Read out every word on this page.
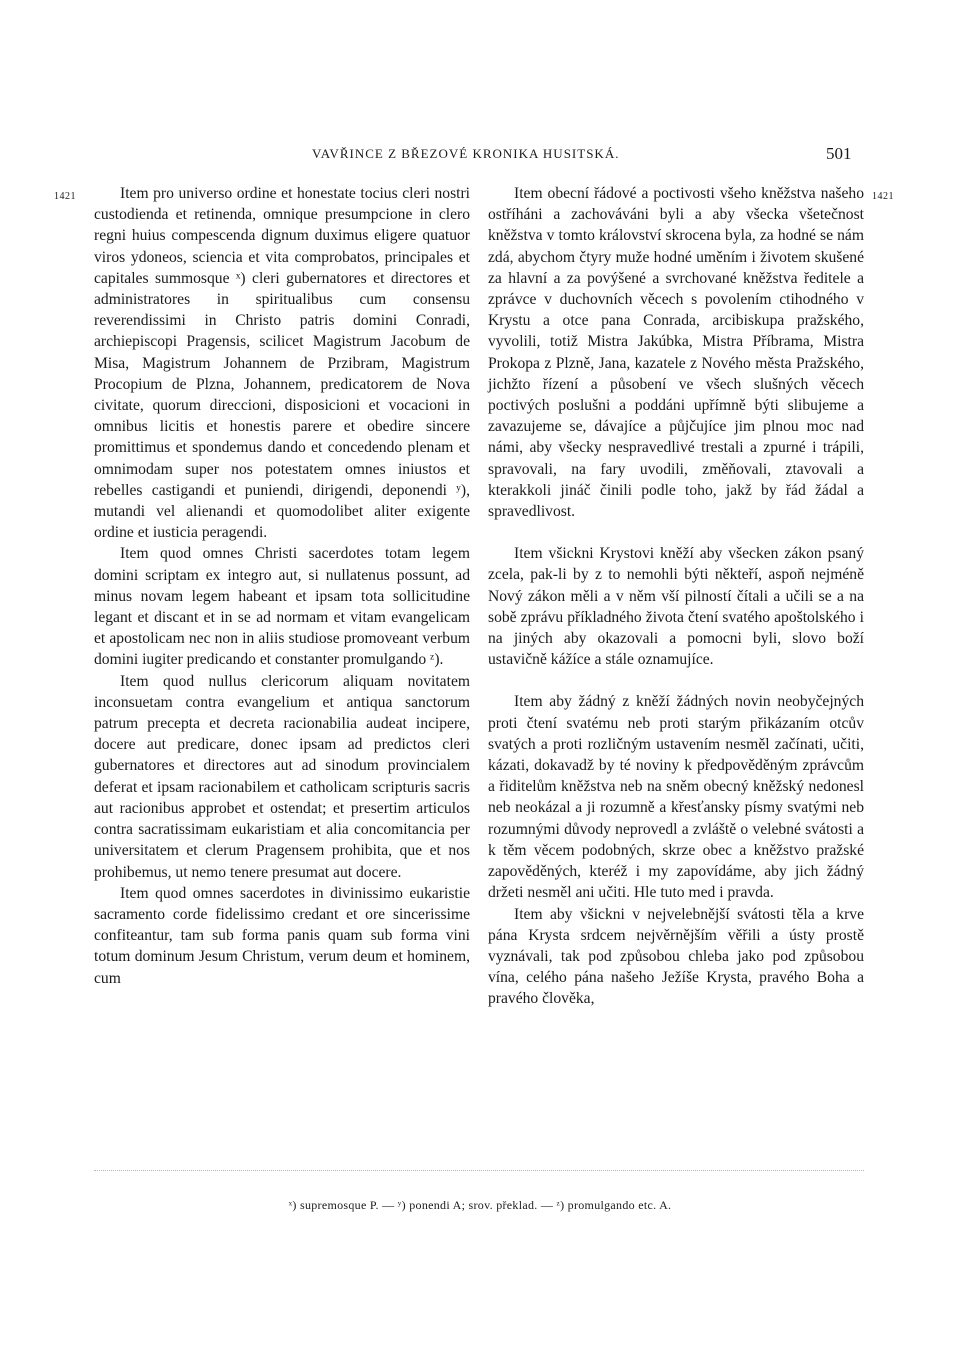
VAVŘINCE Z BŘEZOVÉ KRONIKA HUSITSKÁ.	501
1421	1421

Item pro universo ordine et honestate tocius cleri nostri custodienda et retinenda, omnique presumpcione in clero regni huius compescenda dignum duximus eligere quatuor viros ydoneos, sciencia et vita comprobatos, principales et capitales summosque ˣ) cleri gubernatores et directores et administratores in spiritualibus cum consensu reverendissimi in Christo patris domini Conradi, archiepiscopi Pragensis, scilicet Magistrum Jacobum de Misa, Magistrum Johannem de Przibram, Magistrum Procopium de Plzna, Johannem, predicatorem de Nova civitate, quorum direccioni, disposicioni et vocacioni in omnibus licitis et honestis parere et obedire sincere promittimus et spondemus dando et concedendo plenam et omnimodam super nos potestatem omnes iniustos et rebelles castigandi et puniendi, dirigendi, deponendi ʸ), mutandi vel alienandi et quomodolibet aliter exigente ordine et iusticia peragendi.

Item quod omnes Christi sacerdotes totam legem domini scriptam ex integro aut, si nullatenus possunt, ad minus novam legem habeant et ipsam tota sollicitudine legant et discant et in se ad normam et vitam evangelicam et apostolicam nec non in aliis studiose promoveant verbum domini iugiter predicando et constanter promulgando ᶻ).

Item quod nullus clericorum aliquam novitatem inconsuetam contra evangelium et antiqua sanctorum patrum precepta et decreta racionabilia audeat incipere, docere aut predicare, donec ipsam ad predictos cleri gubernatores et directores aut ad sinodum provincialem deferat et ipsam racionabilem et catholicam scripturis sacris aut racionibus approbet et ostendat; et presertim articulos contra sacratissimam eukaristiam et alia concomitancia per universitatem et clerum Pragensem prohibita, que et nos prohibemus, ut nemo tenere presumat aut docere.

Item quod omnes sacerdotes in divinissimo eukaristie sacramento corde fidelissimo credant et ore sincerissime confiteantur, tam sub forma panis quam sub forma vini totum dominum Jesum Christum, verum deum et hominem, cum

Item obecní řádové a poctivosti všeho kněžstva našeho ostříháni a zachováváni byli a aby všecka všetečnost kněžstva v tomto království skrocena byla, za hodné se nám zdá, abychom čtyry muže hodné uměním i životem skušené za hlavní a za povýšené a svrchované kněžstva ředitele a zprávce v duchovních věcech s povolením ctihodného v Krystu a otce pana Conrada, arcibiskupa pražského, vyvolili, totiž Mistra Jakúbka, Mistra Příbrama, Mistra Prokopa z Plzně, Jana, kazatele z Nového města Pražského, jichžto řízení a působení ve všech slušných věcech poctivých poslušni a poddáni upřímně býti slibujeme a zavazujeme se, dávajíce a půjčujíce jim plnou moc nad námi, aby všecky nespravedlivé trestali a zpurné i trápili, spravovali, na fary uvodili, změňovali, ztavovali a kterakkoli jináč činili podle toho, jakž by řád žádal a spravedlivost.

Item všickni Krystovi kněží aby všecken zákon psaný zcela, pak-li by z to nemohli býti někteří, aspoň nejméně Nový zákon měli a v něm vší pilností čítali a učili se a na sobě zprávu příkladného života čtení svatého apoštolského i na jiných aby okazovali a pomocni byli, slovo boží ustavičně kážíce a stále oznamujíce.

Item aby žádný z kněží žádných novin neobyčejných proti čtení svatému neb proti starým přikázaním otcův svatých a proti rozličným ustavením nesměl začínati, učiti, kázati, dokavadž by té noviny k předpověděným zprávcům a řiditelům kněžstva neb na sněm obecný kněžský nedonesl neb neokázal a ji rozumně a křesťansky písmy svatými neb rozumnými důvody neprovedl a zvláště o velebné svátosti a k těm věcem podobných, skrze obec a kněžstvo pražské zapověděných, kteréž i my zapovídáme, aby jich žádný držeti nesměl ani učiti. Hle tuto med i pravda.

Item aby všickni v nejvelebnější svátosti těla a krve pána Krysta srdcem nejvěrnějším věřili a ústy prostě vyznávali, tak pod způsobou chleba jako pod způsobou vína, celého pána našeho Ježíše Krysta, pravého Boha a pravého člověka,

ˣ) supremosque P. — ʸ) ponendi A; srov. překlad. — ᶻ) promulgando etc. A.
